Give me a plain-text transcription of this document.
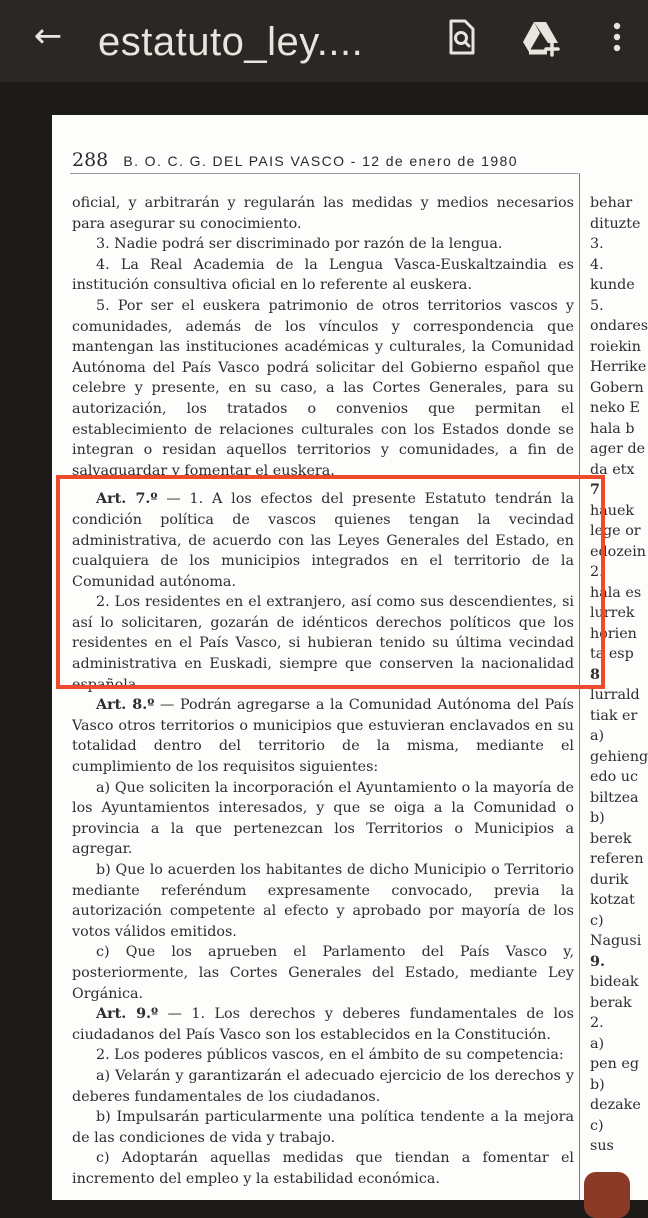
← estatuto_ley....
288 B. O. C. G. DEL PAIS VASCO - 12 de enero de 1980

oficial, y arbitrarán y regularán las medidas y medios necesarios para asegurar su conocimiento.

3. Nadie podrá ser discriminado por razón de la lengua.

4. La Real Academia de la Lengua Vasca-Euskaltzaindia es institución consultiva oficial en lo referente al euskera.

5. Por ser el euskera patrimonio de otros territorios vascos y comunidades, además de los vínculos y correspondencia que mantengan las instituciones académicas y culturales, la Comunidad Autónoma del País Vasco podrá solicitar del Gobierno español que celebre y presente, en su caso, a las Cortes Generales, para su autorización, los tratados o convenios que permitan el establecimiento de relaciones culturales con los Estados donde se integran o residan aquellos territorios y comunidades, a fin de salvaguardar y fomentar el euskera.

Art. 7.º — 1. A los efectos del presente Estatuto tendrán la condición política de vascos quienes tengan la vecindad administrativa, de acuerdo con las Leyes Generales del Estado, en cualquiera de los municipios integrados en el territorio de la Comunidad autónoma.

2. Los residentes en el extranjero, así como sus descendientes, si así lo solicitaren, gozarán de idénticos derechos políticos que los residentes en el País Vasco, si hubieran tenido su última vecindad administrativa en Euskadi, siempre que conserven la nacionalidad española.

Art. 8.º — Podrán agregarse a la Comunidad Autónoma del País Vasco otros territorios o municipios que estuvieran enclavados en su totalidad dentro del territorio de la misma, mediante el cumplimiento de los requisitos siguientes:

a) Que soliciten la incorporación el Ayuntamiento o la mayoría de los Ayuntamientos interesados, y que se oiga a la Comunidad o provincia a la que pertenezcan los Territorios o Municipios a agregar.

b) Que lo acuerden los habitantes de dicho Municipio o Territorio mediante referéndum expresamente convocado, previa la autorización competente al efecto y aprobado por mayoría de los votos válidos emitidos.

c) Que los aprueben el Parlamento del País Vasco y, posteriormente, las Cortes Generales del Estado, mediante Ley Orgánica.

Art. 9.º — 1. Los derechos y deberes fundamentales de los ciudadanos del País Vasco son los establecidos en la Constitución.

2. Los poderes públicos vascos, en el ámbito de su competencia:

a) Velarán y garantizarán el adecuado ejercicio de los derechos y deberes fundamentales de los ciudadanos.

b) Impulsarán particularmente una política tendente a la mejora de las condiciones de vida y trabajo.

c) Adoptarán aquellas medidas que tiendan a fomentar el incremento del empleo y la estabilidad económica.

behar
dituzte
3.
4.
kunde
5.
ondares
roiekin
Herrike
Gobern
neko E
hala b
ager de
da etx
7.
hauek
lege or
edozein
2.
hala es
lurrek
horien
ta esp
8.
lurrald
tiak er
a)
gehieng
edo uc
biltzea
b)
berek
referen
durik
kotzat
c)
Nagusi
9.
bideak
berak
2.
a)
pen eg
b)
dezake
c)
sus
